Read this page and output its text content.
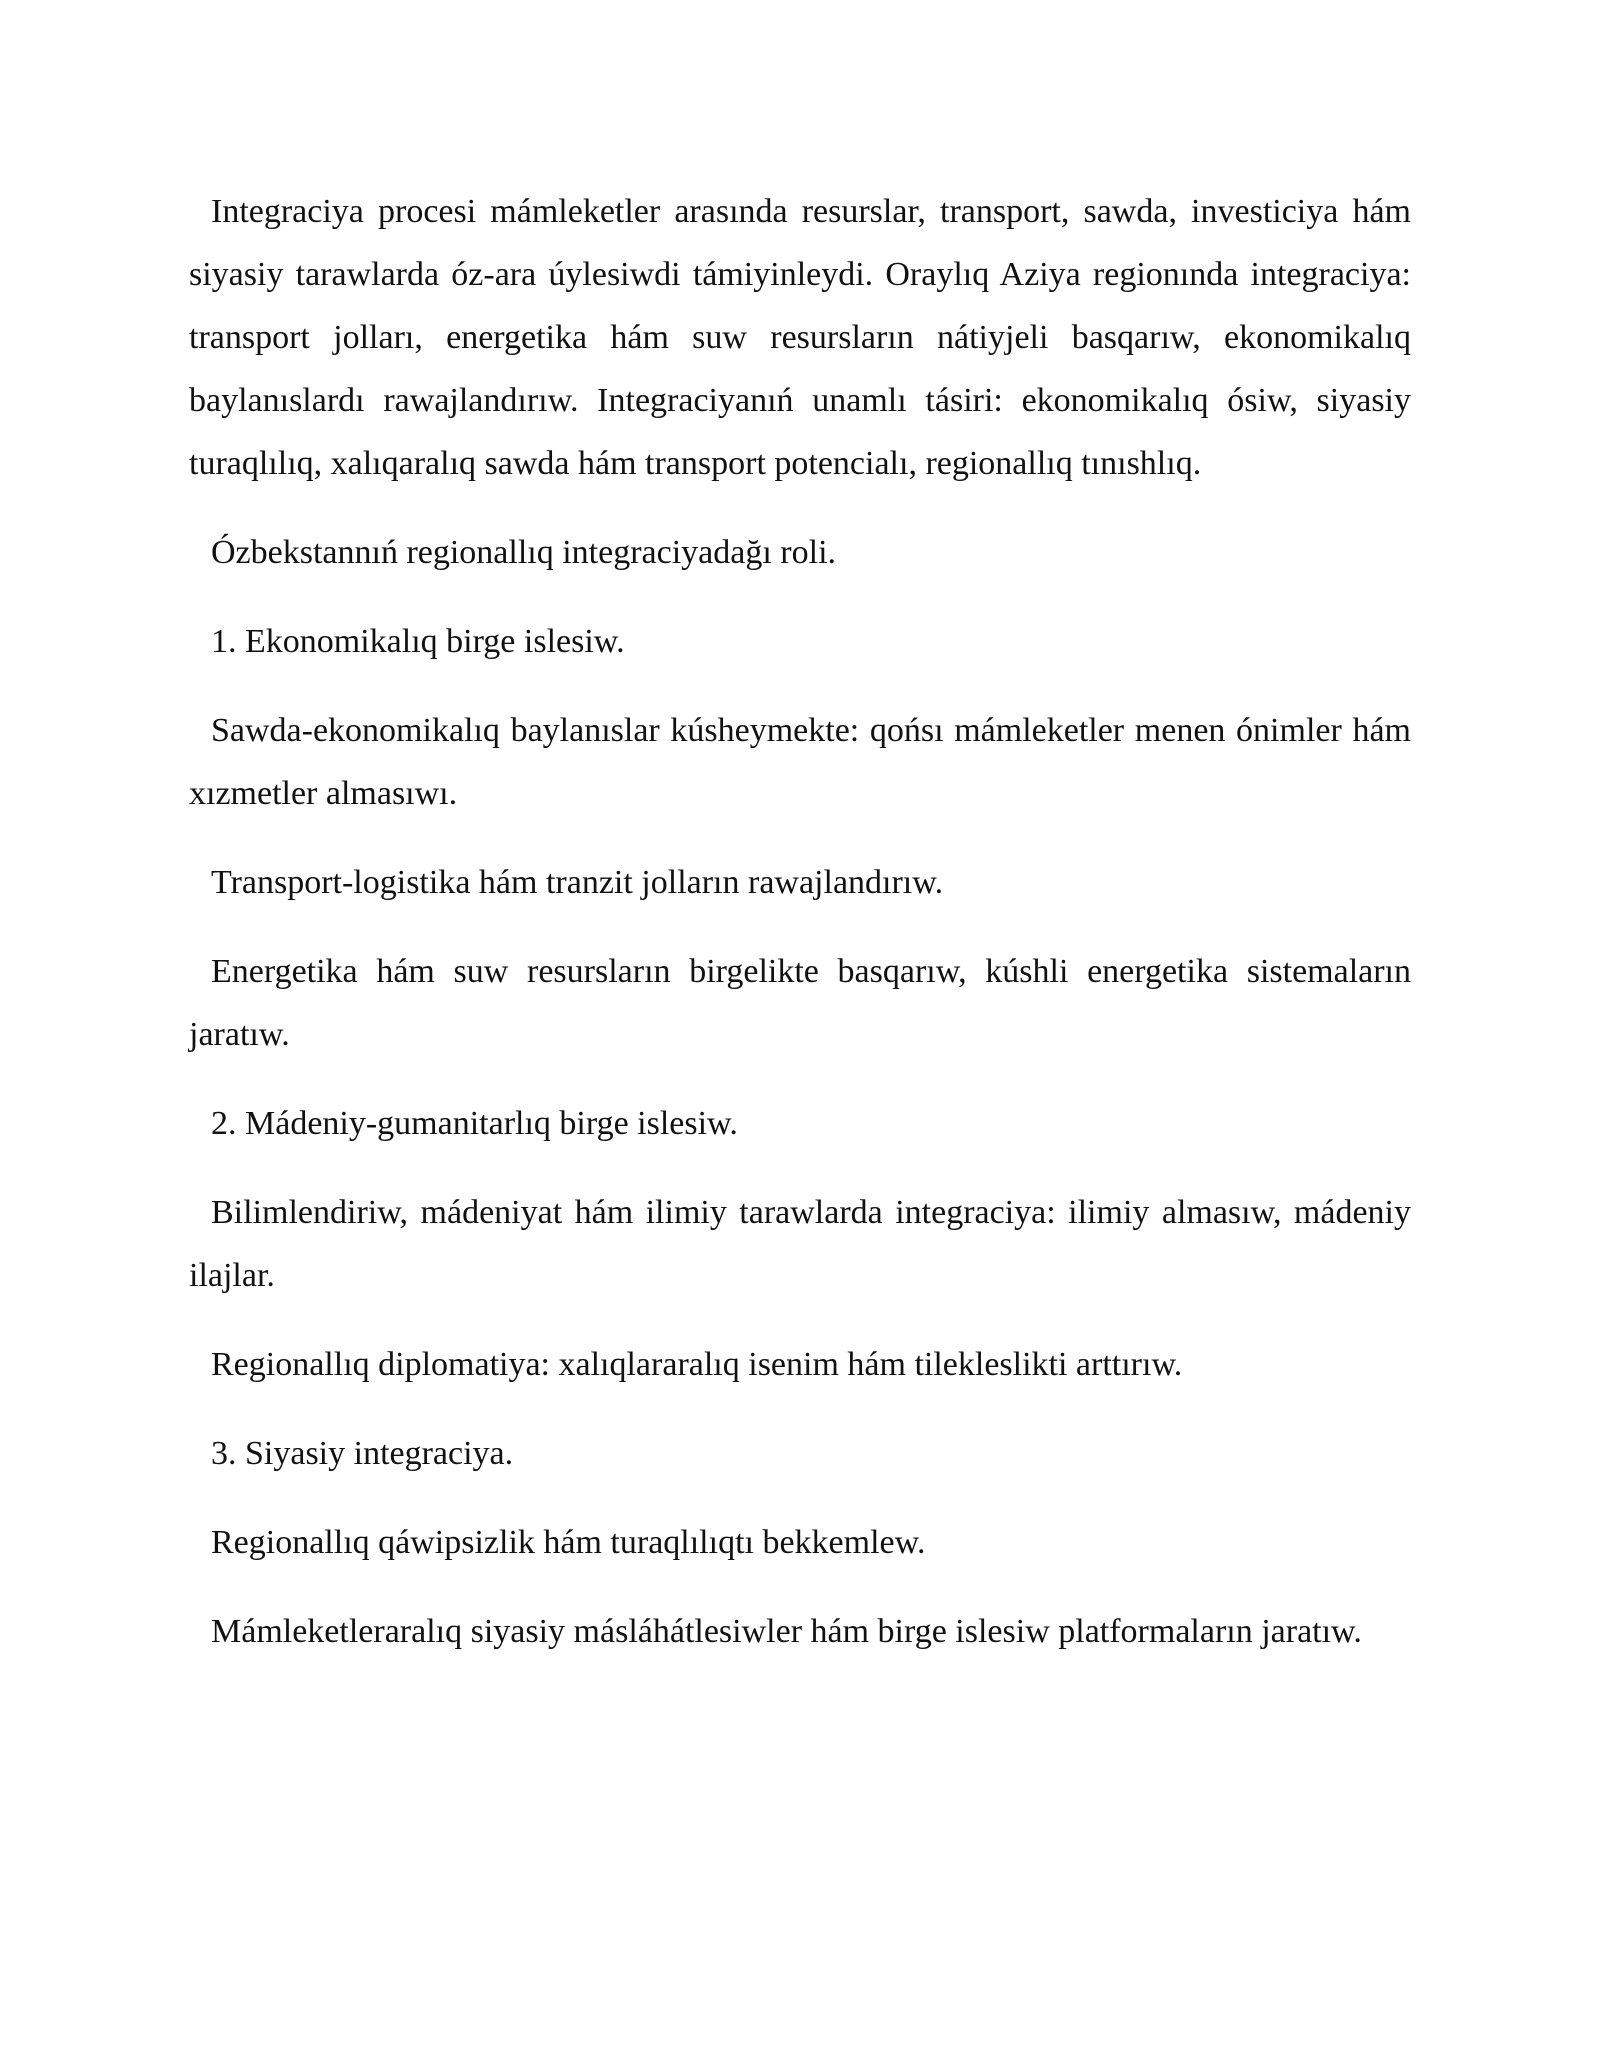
Integraciya procesi mámleketler arasında resurslar, transport, sawda, investiciya hám siyasiy tarawlarda óz-ara úylesiwdi támiyinleydi. Oraylıq Aziya regionında integraciya: transport jolları, energetika hám suw resursların nátiyjeli basqarıw, ekonomikalıq baylanıslardı rawajlandırıw. Integraciyanıń unamlı tásiri: ekonomikalıq ósiw, siyasiy turaqlılıq, xalıqaralıq sawda hám transport potencialı, regionallıq tınıshlıq.

Ózbekstannıń regionallıq integraciyadağı roli.

1. Ekonomikalıq birge islesiw.

Sawda-ekonomikalıq baylanıslar kúsheymekte: qońsı mámleketler menen ónimler hám xızmetler almasıwı.

Transport-logistika hám tranzit jolların rawajlandırıw.

Energetika hám suw resursların birgelikte basqarıw, kúshli energetika sistemaların jaratıw.

2. Mádeniy-gumanitarlıq birge islesiw.

Bilimlendiriw, mádeniyat hám ilimiy tarawlarda integraciya: ilimiy almasıw, mádeniy ilajlar.

Regionallıq diplomatiya: xalıqlararalıq isenim hám tilekleslikti arttırıw.

3. Siyasiy integraciya.

Regionallıq qáwipsizlik hám turaqlılıqtı bekkemlew.

Mámleketleraralıq siyasiy másláhátlesiwler hám birge islesiw platformaların jaratıw.
